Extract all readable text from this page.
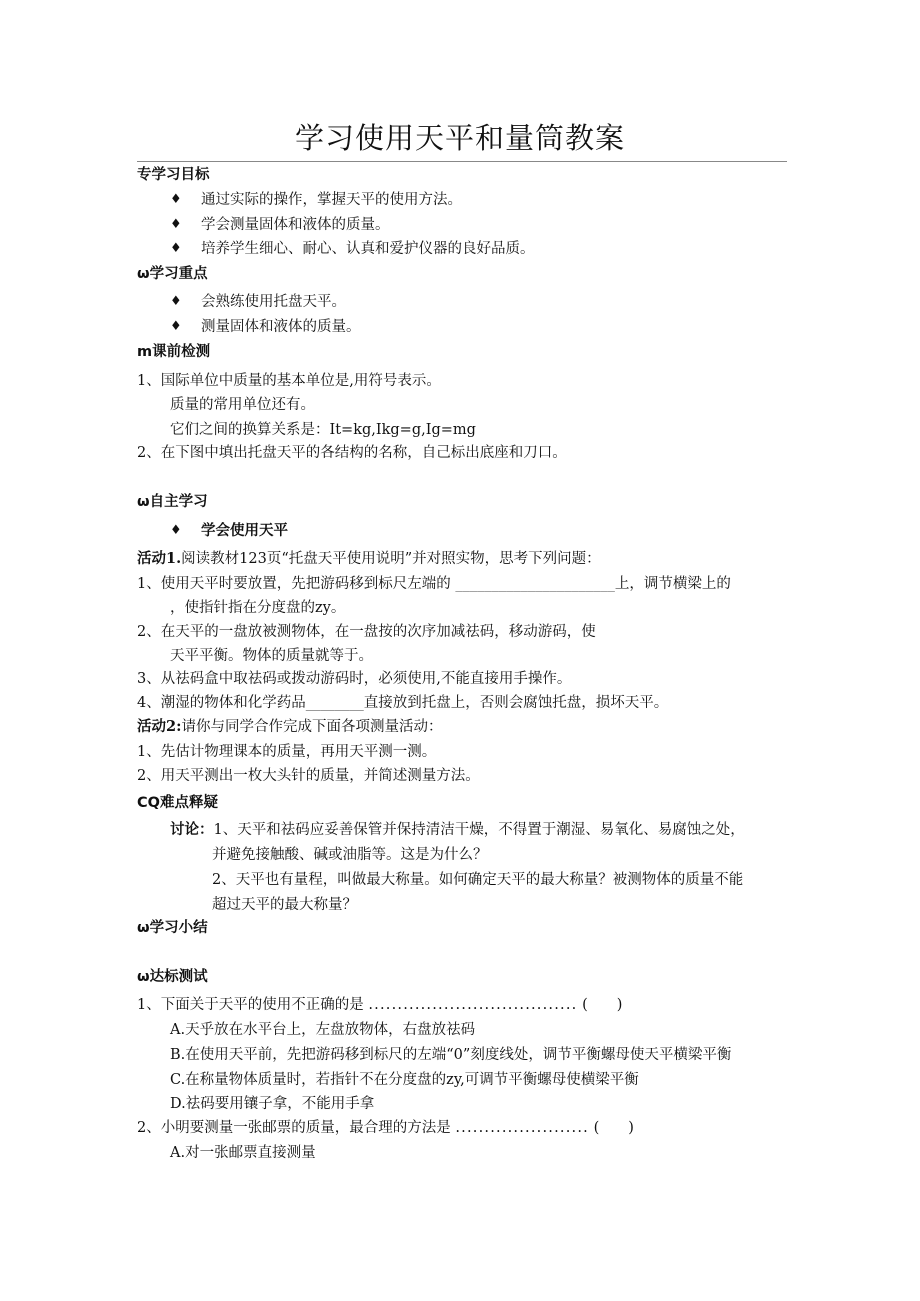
学习使用天平和量筒教案
专学习目标
♦ 通过实际的操作，掌握天平的使用方法。
♦ 学会测量固体和液体的质量。
♦ 培养学生细心、耐心、认真和爱护仪器的良好品质。
ω学习重点
♦ 会熟练使用托盘天平。
♦ 测量固体和液体的质量。
m课前检测
1、国际单位中质量的基本单位是,用符号表示。
质量的常用单位还有。
它们之间的换算关系是：It=kg,Ikg=g,Ig=mg
2、在下图中填出托盘天平的各结构的名称，自己标出底座和刀口。
ω自主学习
♦ 学会使用天平
活动1.阅读教材123页“托盘天平使用说明”并对照实物，思考下列问题：
1、使用天平时要放置，先把游码移到标尺左端的 ______________________上，调节横梁上的
，使指针指在分度盘的zy。
2、在天平的一盘放被测物体，在一盘按的次序加减祛码，移动游码，使
天平平衡。物体的质量就等于。
3、从祛码盒中取祛码或拨动游码时，必须使用,不能直接用手操作。
4、潮湿的物体和化学药品________直接放到托盘上，否则会腐蚀托盘，损坏天平。
活动2:请你与同学合作完成下面各项测量活动：
1、先估计物理课本的质量，再用天平测一测。
2、用天平测出一枚大头针的质量，并简述测量方法。
CQ难点释疑
讨论：1、天平和祛码应妥善保管并保持清洁干燥，不得置于潮湿、易氧化、易腐蚀之处，
并避免接触酸、碱或油脂等。这是为什么？
2、天平也有量程，叫做最大称量。如何确定天平的最大称量？被测物体的质量不能
超过天平的最大称量？
ω学习小结
ω达标测试
1、下面关于天平的使用不正确的是 .................................... (　　)
A.天乎放在水平台上，左盘放物体，右盘放祛码
B.在使用天平前，先把游码移到标尺的左端“0”刻度线处，调节平衡螺母使天平横梁平衡
C.在称量物体质量时，若指针不在分度盘的zy,可调节平衡螺母使横梁平衡
D.祛码要用镶子拿，不能用手拿
2、小明要测量一张邮票的质量，最合理的方法是 ....................... (　　)
A.对一张邮票直接测量
